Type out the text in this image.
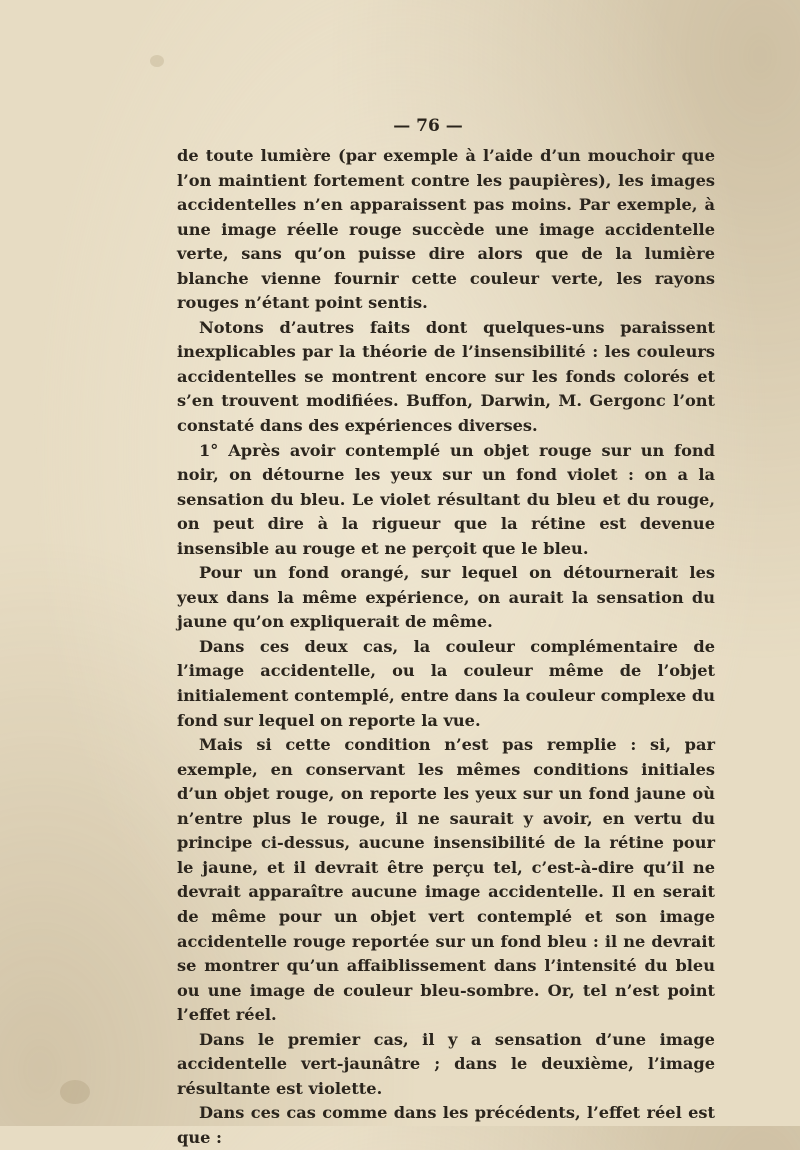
— 76 —

de toute lumière (par exemple à l’aide d’un mouchoir que l’on maintient fortement contre les paupières), les images accidentelles n’en apparaissent pas moins. Par exemple, à une image réelle rouge succède une image accidentelle verte, sans qu’on puisse dire alors que de la lumière blanche vienne fournir cette couleur verte, les rayons rouges n’étant point sentis.

Notons d’autres faits dont quelques-uns paraissent inexplicables par la théorie de l’insensibilité : les couleurs accidentelles se montrent encore sur les fonds colorés et s’en trouvent modifiées. Buffon, Darwin, M. Gergonc l’ont constaté dans des expériences diverses.

1° Après avoir contemplé un objet rouge sur un fond noir, on détourne les yeux sur un fond violet : on a la sensation du bleu. Le violet résultant du bleu et du rouge, on peut dire à la rigueur que la rétine est devenue insensible au rouge et ne perçoit que le bleu.

Pour un fond orangé, sur lequel on détournerait les yeux dans la même expérience, on aurait la sensation du jaune qu’on expliquerait de même.

Dans ces deux cas, la couleur complémentaire de l’image accidentelle, ou la couleur même de l’objet initialement contemplé, entre dans la couleur complexe du fond sur lequel on reporte la vue.

Mais si cette condition n’est pas remplie : si, par exemple, en conservant les mêmes conditions initiales d’un objet rouge, on reporte les yeux sur un fond jaune où n’entre plus le rouge, il ne saurait y avoir, en vertu du principe ci-dessus, aucune insensibilité de la rétine pour le jaune, et il devrait être perçu tel, c’est-à-dire qu’il ne devrait apparaître aucune image accidentelle. Il en serait de même pour un objet vert contemplé et son image accidentelle rouge reportée sur un fond bleu : il ne devrait se montrer qu’un affaiblissement dans l’intensité du bleu ou une image de couleur bleu-sombre. Or, tel n’est point l’effet réel.

Dans le premier cas, il y a sensation d’une image accidentelle vert-jaunâtre ; dans le deuxième, l’image résultante est violette.

Dans ces cas comme dans les précédents, l’effet réel est que :
